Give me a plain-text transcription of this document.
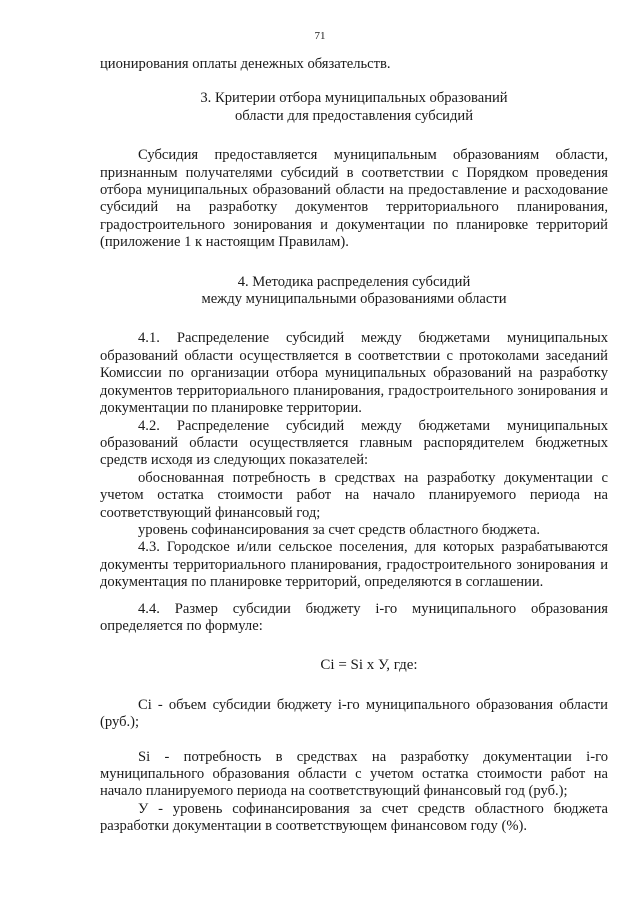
71

ционирования оплаты денежных обязательств.

3. Критерии отбора муниципальных образований

области для предоставления субсидий

Субсидия предоставляется муниципальным образованиям области, признанным получателями субсидий в соответствии с Порядком проведения отбора муниципальных образований области на предоставление и расходование субсидий на разработку документов территориального планирования, градостроительного зонирования и документации по планировке территорий (приложение 1 к настоящим Правилам).

4. Методика распределения субсидий

между муниципальными образованиями области

4.1. Распределение субсидий между бюджетами муниципальных образований области осуществляется в соответствии с протоколами заседаний Комиссии по организации отбора муниципальных образований на разработку документов территориального планирования, градостроительного зонирования и документации по планировке территории.

4.2. Распределение субсидий между бюджетами муниципальных образований области осуществляется главным распорядителем бюджетных средств исходя из следующих показателей:

обоснованная потребность в средствах на разработку документации с учетом остатка стоимости работ на начало планируемого периода на соответствующий финансовый год;

уровень софинансирования за счет средств областного бюджета.

4.3. Городское и/или сельское поселения, для которых разрабатываются документы территориального планирования, градостроительного зонирования и документация по планировке территорий, определяются в соглашении.

4.4. Размер субсидии бюджету i-го муниципального образования определяется по формуле:

Ci = Si x У, где:

Ci - объем субсидии бюджету i-го муниципального образования области (руб.);

Si - потребность в средствах на разработку документации i-го муниципального образования области с учетом остатка стоимости работ на начало планируемого периода на соответствующий финансовый год (руб.);

У - уровень софинансирования за счет средств областного бюджета разработки документации в соответствующем финансовом году (%).
